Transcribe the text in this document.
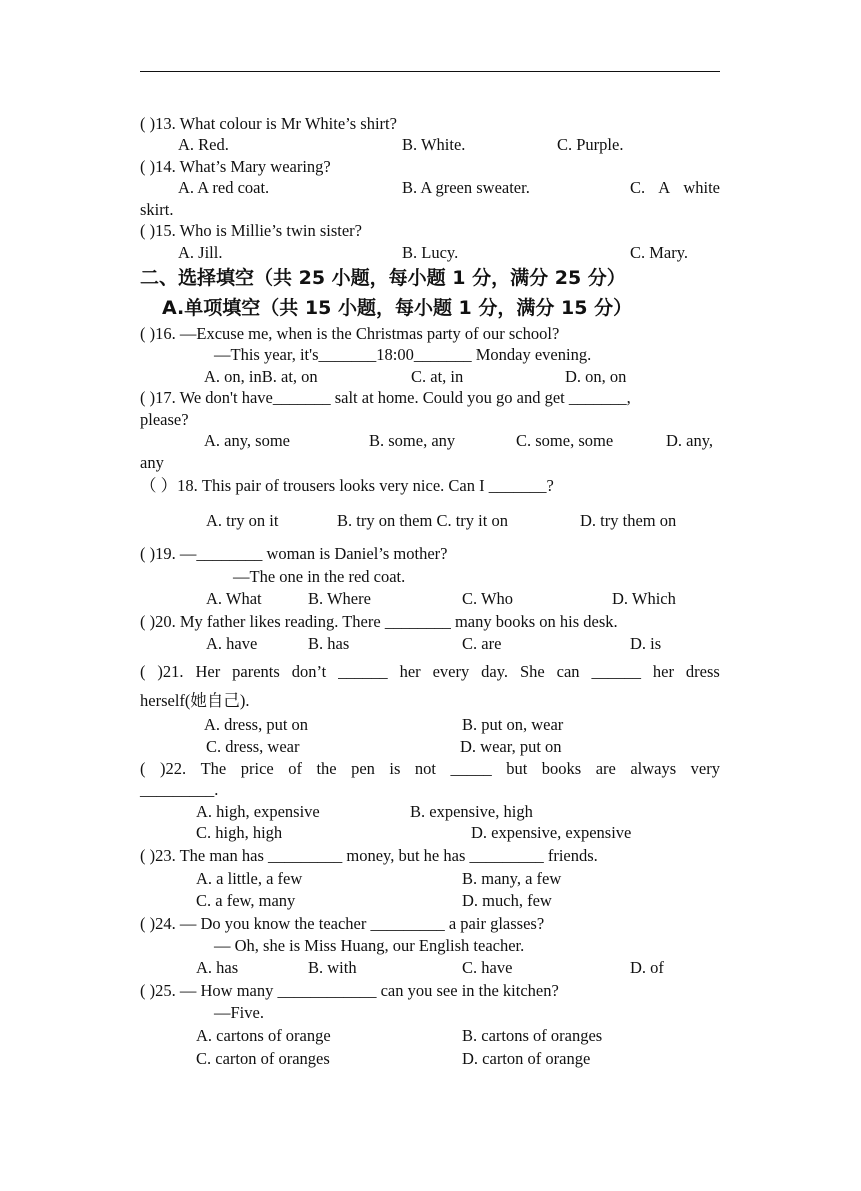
( )13. What colour is Mr White’s shirt?
A. Red.	B. White.	C. Purple.
( )14. What’s Mary wearing?
A. A red coat.	B. A green sweater.	C. A white
skirt.
( )15. Who is Millie’s twin sister?
A. Jill.	B. Lucy.	C. Mary.
二、选择填空（共 25 小题，每小题 1 分，满分 25 分）
A.单项填空（共 15 小题，每小题 1 分，满分 15 分）
( )16. —Excuse me, when is the Christmas party of our school?
—This year, it's_______18:00_______ Monday evening.
A. on, inB. at, on	C. at, in	D. on, on
( )17. We don't have_______ salt at home. Could you go and get _______,
please?
A. any, some	B. some, any	C. some, some	D. any,
any
（ ）18. This pair of trousers looks very nice. Can I _______?
A. try on it	B. try on them C. try it on	D. try them on
( )19. —________ woman is Daniel’s mother?
—The one in the red coat.
A. What	B. Where	C. Who	D. Which
( )20. My father likes reading. There ________ many books on his desk.
A. have	B. has	C. are	D. is
( )21. Her parents don’t ______ her every day. She can ______ her dress
herself(她自己).
A. dress, put on	B. put on, wear
C. dress, wear	D. wear, put on
( )22. The price of the pen is not _____ but books are always very
_________.
A. high, expensive	B. expensive, high
C. high, high	D. expensive, expensive
( )23. The man has _________ money, but he has _________ friends.
A. a little, a few	B. many, a few
C. a few, many	D. much, few
( )24. — Do you know the teacher _________ a pair glasses?
— Oh, she is Miss Huang, our English teacher.
A. has	B. with	C. have	D. of
( )25. — How many ____________ can you see in the kitchen?
—Five.
A. cartons of orange	B. cartons of oranges
C. carton of oranges	D. carton of orange
